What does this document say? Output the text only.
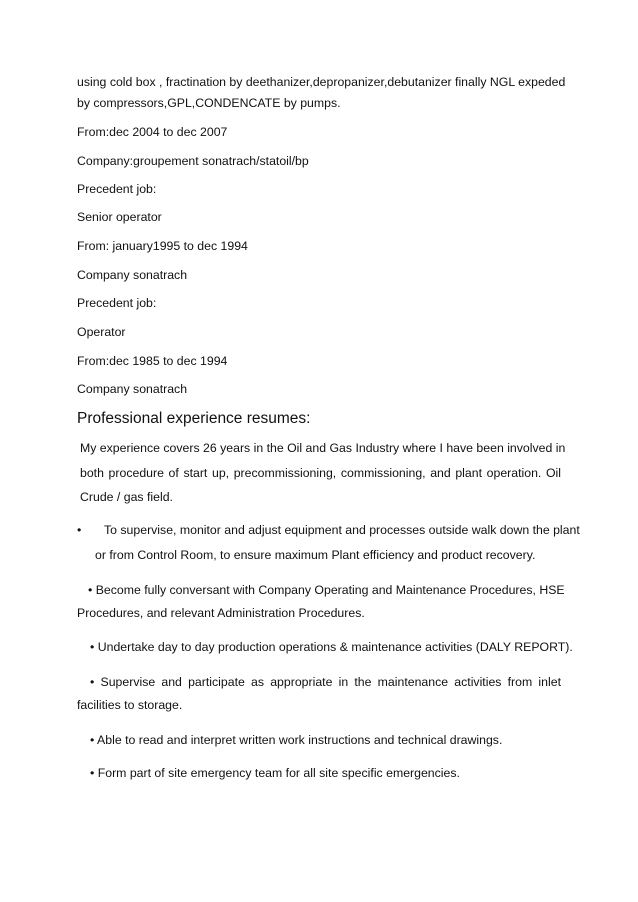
using cold box , fractination by deethanizer,depropanizer,debutanizer finally NGL expeded
by compressors,GPL,CONDENCATE by pumps.
From:dec 2004 to dec 2007
Company:groupement sonatrach/statoil/bp
Precedent job:
Senior operator
From: january1995 to dec 1994
Company sonatrach
Precedent job:
Operator
From:dec 1985 to dec 1994
Company sonatrach
Professional experience resumes:
My experience covers 26 years in the Oil and Gas Industry where I have been involved in
both procedure of start up, precommissioning, commissioning, and plant operation. Oil
Crude / gas field.
• To supervise, monitor and adjust equipment and processes outside walk down the plant
or from Control Room, to ensure maximum Plant efficiency and product recovery.
• Become fully conversant with Company Operating and Maintenance Procedures, HSE
Procedures, and relevant Administration Procedures.
• Undertake day to day production operations & maintenance activities (DALY REPORT).
• Supervise and participate as appropriate in the maintenance activities from inlet
facilities to storage.
• Able to read and interpret written work instructions and technical drawings.
• Form part of site emergency team for all site specific emergencies.
